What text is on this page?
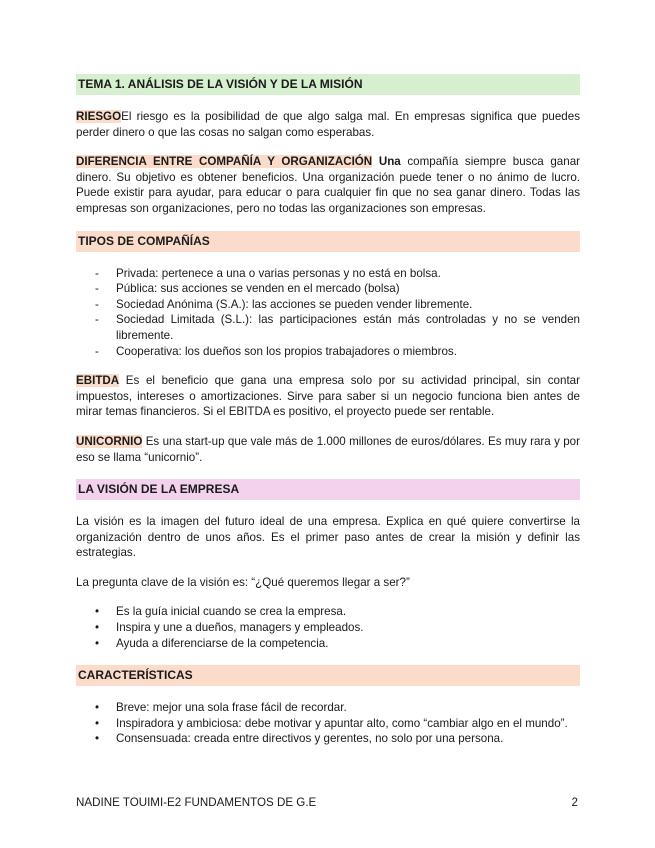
TEMA 1. ANÁLISIS DE LA VISIÓN Y DE LA MISIÓN

RIESGOEl riesgo es la posibilidad de que algo salga mal. En empresas significa que puedes perder dinero o que las cosas no salgan como esperabas.

DIFERENCIA ENTRE COMPAÑÍA Y ORGANIZACIÓN Una compañía siempre busca ganar dinero. Su objetivo es obtener beneficios. Una organización puede tener o no ánimo de lucro. Puede existir para ayudar, para educar o para cualquier fin que no sea ganar dinero. Todas las empresas son organizaciones, pero no todas las organizaciones son empresas.

TIPOS DE COMPAÑÍAS
- Privada: pertenece a una o varias personas y no está en bolsa.
- Pública: sus acciones se venden en el mercado (bolsa)
- Sociedad Anónima (S.A.): las acciones se pueden vender libremente.
- Sociedad Limitada (S.L.): las participaciones están más controladas y no se venden libremente.
- Cooperativa: los dueños son los propios trabajadores o miembros.

EBITDA Es el beneficio que gana una empresa solo por su actividad principal, sin contar impuestos, intereses o amortizaciones. Sirve para saber si un negocio funciona bien antes de mirar temas financieros. Si el EBITDA es positivo, el proyecto puede ser rentable.

UNICORNIO Es una start-up que vale más de 1.000 millones de euros/dólares. Es muy rara y por eso se llama “unicornio”.

LA VISIÓN DE LA EMPRESA

La visión es la imagen del futuro ideal de una empresa. Explica en qué quiere convertirse la organización dentro de unos años. Es el primer paso antes de crear la misión y definir las estrategias.

La pregunta clave de la visión es: “¿Qué queremos llegar a ser?”

• Es la guía inicial cuando se crea la empresa.
• Inspira y une a dueños, managers y empleados.
• Ayuda a diferenciarse de la competencia.
CARACTERÍSTICAS
• Breve: mejor una sola frase fácil de recordar.
• Inspiradora y ambiciosa: debe motivar y apuntar alto, como “cambiar algo en el mundo”.
• Consensuada: creada entre directivos y gerentes, no solo por una persona.
NADINE TOUIMI-E2 FUNDAMENTOS DE G.E	2
